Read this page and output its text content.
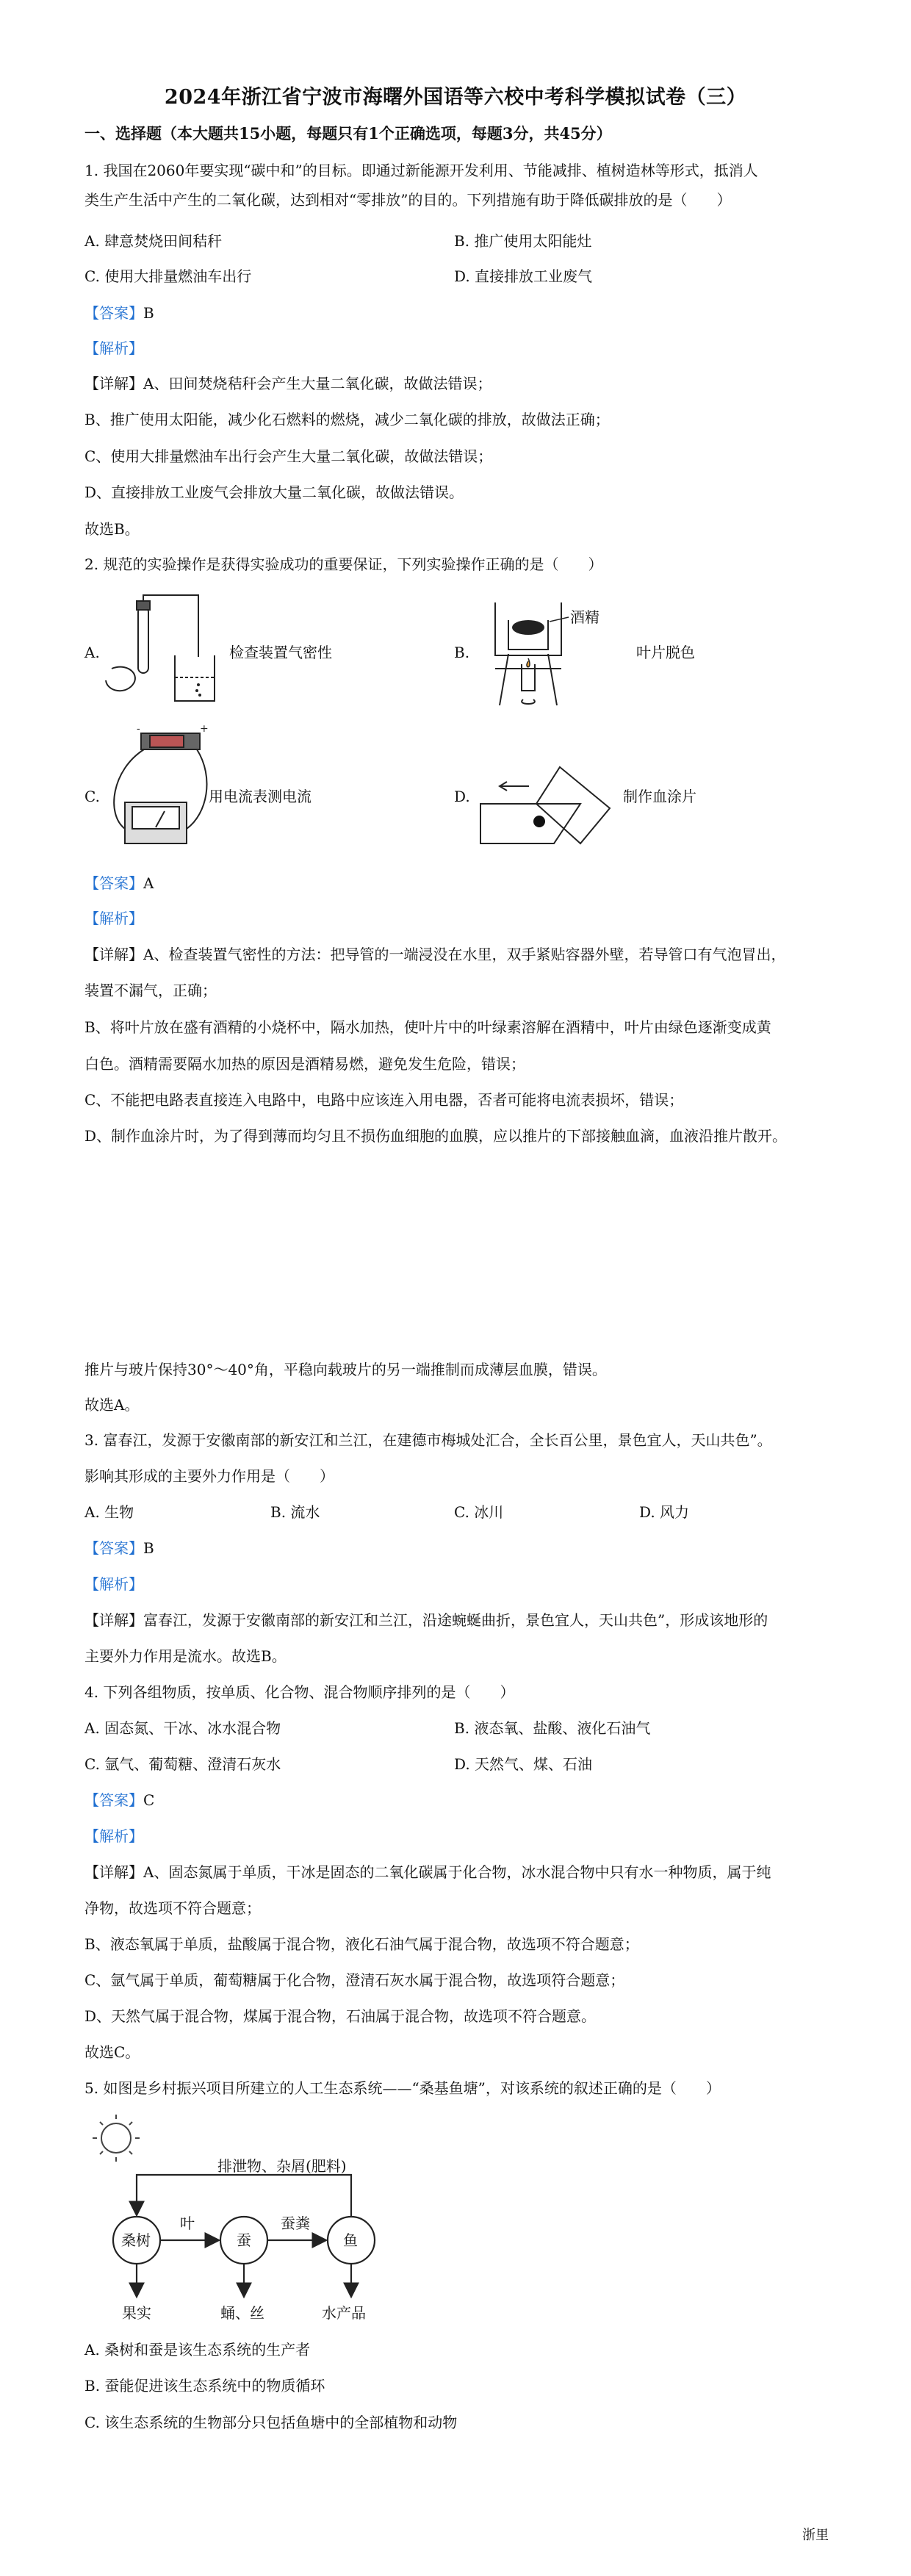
2024年浙江省宁波市海曙外国语等六校中考科学模拟试卷（三）
一、选择题（本大题共15小题，每题只有1个正确选项，每题3分，共45分）
1. 我国在2060年要实现“碳中和”的目标。即通过新能源开发利用、节能减排、植树造林等形式，抵消人
类生产生活中产生的二氧化碳，达到相对“零排放”的目的。下列措施有助于降低碳排放的是（　　）
A. 肆意焚烧田间秸秆	B. 推广使用太阳能灶
C. 使用大排量燃油车出行	D. 直接排放工业废气
【答案】B
【解析】
【详解】A、田间焚烧秸秆会产生大量二氧化碳，故做法错误；
B、推广使用太阳能，减少化石燃料的燃烧，减少二氧化碳的排放，故做法正确；
C、使用大排量燃油车出行会产生大量二氧化碳，故做法错误；
D、直接排放工业废气会排放大量二氧化碳，故做法错误。
故选B。
2. 规范的实验操作是获得实验成功的重要保证，下列实验操作正确的是（　　）
A.	检查装置气密性	B.
酒精
叶片脱色
C.
-	+
用电流表测电流	D.	制作血涂片
【答案】A
【解析】
【详解】A、检查装置气密性的方法：把导管的一端浸没在水里，双手紧贴容器外壁，若导管口有气泡冒出，
装置不漏气，正确；
B、将叶片放在盛有酒精的小烧杯中，隔水加热，使叶片中的叶绿素溶解在酒精中，叶片由绿色逐渐变成黄
白色。酒精需要隔水加热的原因是酒精易燃，避免发生危险，错误；
C、不能把电路表直接连入电路中，电路中应该连入用电器，否者可能将电流表损坏，错误；
D、制作血涂片时，为了得到薄而均匀且不损伤血细胞的血膜，应以推片的下部接触血滴，血液沿推片散开。
推片与玻片保持30°～40°角，平稳向载玻片的另一端推制而成薄层血膜，错误。
故选A。
3. 富春江，发源于安徽南部的新安江和兰江，在建德市梅城处汇合，全长百公里，景色宜人，天山共色”。
影响其形成的主要外力作用是（　　）
A. 生物	B. 流水	C. 冰川	D. 风力
【答案】B
【解析】
【详解】富春江，发源于安徽南部的新安江和兰江，沿途蜿蜒曲折，景色宜人，天山共色”，形成该地形的
主要外力作用是流水。故选B。
4. 下列各组物质，按单质、化合物、混合物顺序排列的是（　　）
A. 固态氮、干冰、冰水混合物	B. 液态氧、盐酸、液化石油气
C. 氩气、葡萄糖、澄清石灰水	D. 天然气、煤、石油
【答案】C
【解析】
【详解】A、固态氮属于单质，干冰是固态的二氧化碳属于化合物，冰水混合物中只有水一种物质，属于纯
净物，故选项不符合题意；
B、液态氧属于单质，盐酸属于混合物，液化石油气属于混合物，故选项不符合题意；
C、氩气属于单质，葡萄糖属于化合物，澄清石灰水属于混合物，故选项符合题意；
D、天然气属于混合物，煤属于混合物，石油属于混合物，故选项不符合题意。
故选C。
5. 如图是乡村振兴项目所建立的人工生态系统——“桑基鱼塘”，对该系统的叙述正确的是（　　）
排泄物、杂屑(肥料)
桑树	蚕	鱼
叶	蚕粪
果实	蛹、丝	水产品
A. 桑树和蚕是该生态系统的生产者
B. 蚕能促进该生态系统中的物质循环
C. 该生态系统的生物部分只包括鱼塘中的全部植物和动物
浙里
